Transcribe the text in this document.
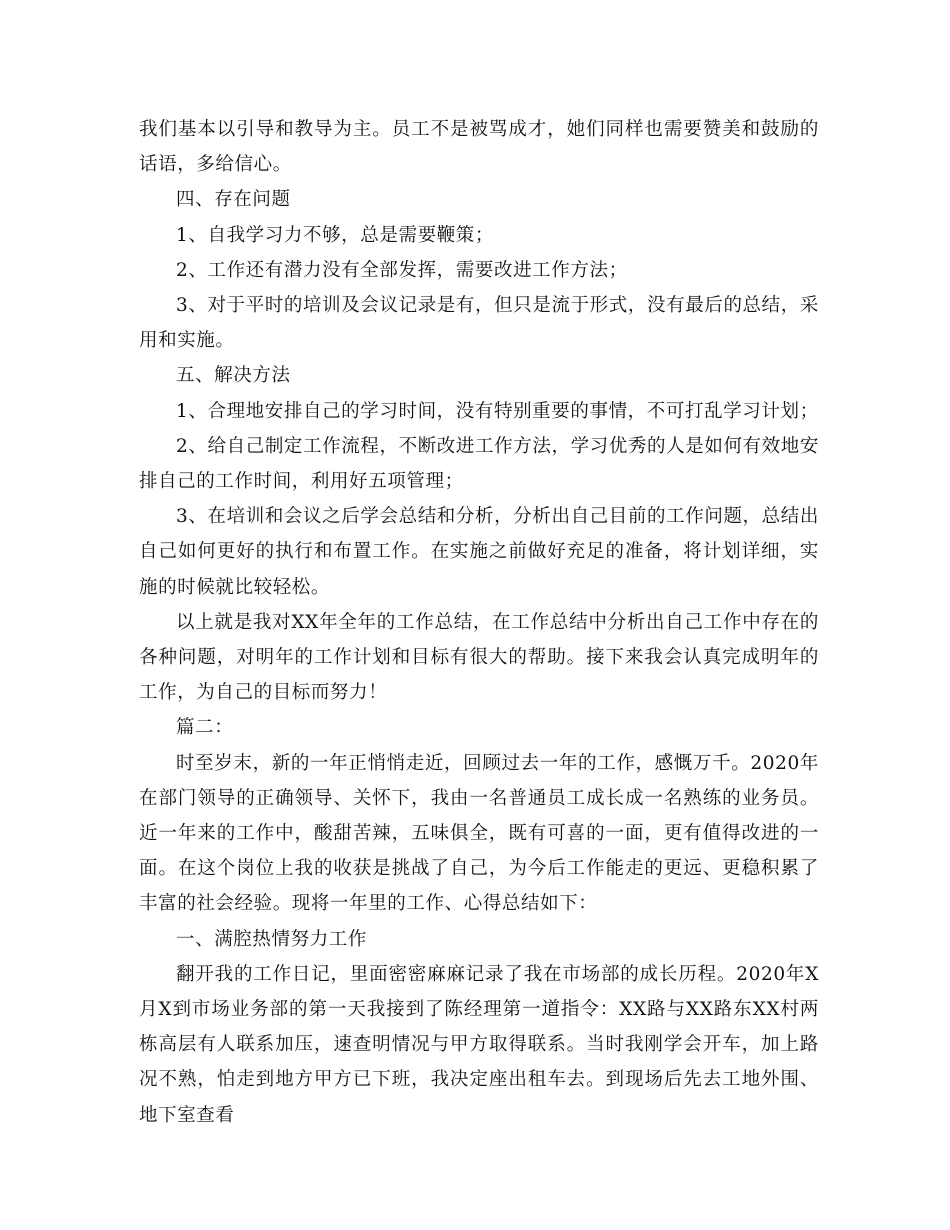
我们基本以引导和教导为主。员工不是被骂成才，她们同样也需要赞美和鼓励的话语，多给信心。

四、存在问题

1、自我学习力不够，总是需要鞭策；

2、工作还有潜力没有全部发挥，需要改进工作方法；

3、对于平时的培训及会议记录是有，但只是流于形式，没有最后的总结，采用和实施。

五、解决方法

1、合理地安排自己的学习时间，没有特别重要的事情，不可打乱学习计划；

2、给自己制定工作流程，不断改进工作方法，学习优秀的人是如何有效地安排自己的工作时间，利用好五项管理；

3、在培训和会议之后学会总结和分析，分析出自己目前的工作问题，总结出自己如何更好的执行和布置工作。在实施之前做好充足的准备，将计划详细，实施的时候就比较轻松。

以上就是我对XX年全年的工作总结，在工作总结中分析出自己工作中存在的各种问题，对明年的工作计划和目标有很大的帮助。接下来我会认真完成明年的工作，为自己的目标而努力！

篇二：

时至岁末，新的一年正悄悄走近，回顾过去一年的工作，感慨万千。2020年在部门领导的正确领导、关怀下，我由一名普通员工成长成一名熟练的业务员。近一年来的工作中，酸甜苦辣，五味俱全，既有可喜的一面，更有值得改进的一面。在这个岗位上我的收获是挑战了自己，为今后工作能走的更远、更稳积累了丰富的社会经验。现将一年里的工作、心得总结如下：

一、满腔热情努力工作

翻开我的工作日记，里面密密麻麻记录了我在市场部的成长历程。2020年X月X到市场业务部的第一天我接到了陈经理第一道指令：XX路与XX路东XX村两栋高层有人联系加压，速查明情况与甲方取得联系。当时我刚学会开车，加上路况不熟，怕走到地方甲方已下班，我决定座出租车去。到现场后先去工地外围、地下室查看
